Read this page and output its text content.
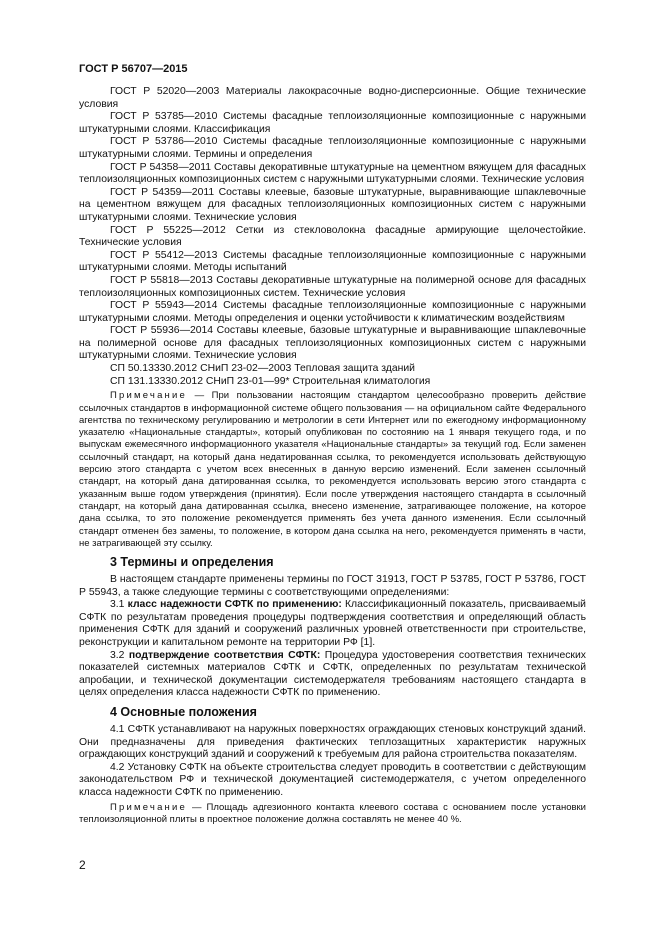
ГОСТ Р 56707—2015

ГОСТ Р 52020—2003 Материалы лакокрасочные водно-дисперсионные. Общие технические условия

ГОСТ Р 53785—2010 Системы фасадные теплоизоляционные композиционные с наружными штукатурными слоями. Классификация

ГОСТ Р 53786—2010 Системы фасадные теплоизоляционные композиционные с наружными штукатурными слоями. Термины и определения

ГОСТ Р 54358—2011 Составы декоративные штукатурные на цементном вяжущем для фасадных теплоизоляционных композиционных систем с наружными штукатурными слоями. Технические условия

ГОСТ Р 54359—2011 Составы клеевые, базовые штукатурные, выравнивающие шпаклевочные на цементном вяжущем для фасадных теплоизоляционных композиционных систем с наружными штукатурными слоями. Технические условия

ГОСТ Р 55225—2012 Сетки из стекловолокна фасадные армирующие щелочестойкие. Технические условия

ГОСТ Р 55412—2013 Системы фасадные теплоизоляционные композиционные с наружными штукатурными слоями. Методы испытаний

ГОСТ Р 55818—2013 Составы декоративные штукатурные на полимерной основе для фасадных теплоизоляционных композиционных систем. Технические условия

ГОСТ Р 55943—2014 Системы фасадные теплоизоляционные композиционные с наружными штукатурными слоями. Методы определения и оценки устойчивости к климатическим воздействиям

ГОСТ Р 55936—2014 Составы клеевые, базовые штукатурные и выравнивающие шпаклевочные на полимерной основе для фасадных теплоизоляционных композиционных систем с наружными штукатурными слоями. Технические условия

СП 50.13330.2012 СНиП 23-02—2003 Тепловая защита зданий

СП 131.13330.2012 СНиП 23-01—99* Строительная климатология

Примечание — При пользовании настоящим стандартом целесообразно проверить действие ссылочных стандартов в информационной системе общего пользования — на официальном сайте Федерального агентства по техническому регулированию и метрологии в сети Интернет или по ежегодному информационному указателю «Национальные стандарты», который опубликован по состоянию на 1 января текущего года, и по выпускам ежемесячного информационного указателя «Национальные стандарты» за текущий год. Если заменен ссылочный стандарт, на который дана недатированная ссылка, то рекомендуется использовать действующую версию этого стандарта с учетом всех внесенных в данную версию изменений. Если заменен ссылочный стандарт, на который дана датированная ссылка, то рекомендуется использовать версию этого стандарта с указанным выше годом утверждения (принятия). Если после утверждения настоящего стандарта в ссылочный стандарт, на который дана датированная ссылка, внесено изменение, затрагивающее положение, на которое дана ссылка, то это положение рекомендуется применять без учета данного изменения. Если ссылочный стандарт отменен без замены, то положение, в котором дана ссылка на него, рекомендуется применять в части, не затрагивающей эту ссылку.

3 Термины и определения

В настоящем стандарте применены термины по ГОСТ 31913, ГОСТ Р 53785, ГОСТ Р 53786, ГОСТ Р 55943, а также следующие термины с соответствующими определениями:

3.1 класс надежности СФТК по применению: Классификационный показатель, присваиваемый СФТК по результатам проведения процедуры подтверждения соответствия и определяющий область применения СФТК для зданий и сооружений различных уровней ответственности при строительстве, реконструкции и капитальном ремонте на территории РФ [1].

3.2 подтверждение соответствия СФТК: Процедура удостоверения соответствия технических показателей системных материалов СФТК и СФТК, определенных по результатам технической апробации, и технической документации системодержателя требованиям настоящего стандарта в целях определения класса надежности СФТК по применению.

4 Основные положения

4.1 СФТК устанавливают на наружных поверхностях ограждающих стеновых конструкций зданий. Они предназначены для приведения фактических теплозащитных характеристик наружных ограждающих конструкций зданий и сооружений к требуемым для района строительства показателям.

4.2 Установку СФТК на объекте строительства следует проводить в соответствии с действующим законодательством РФ и технической документацией системодержателя, с учетом определенного класса надежности СФТК по применению.

Примечание — Площадь адгезионного контакта клеевого состава с основанием после установки теплоизоляционной плиты в проектное положение должна составлять не менее 40 %.

2
